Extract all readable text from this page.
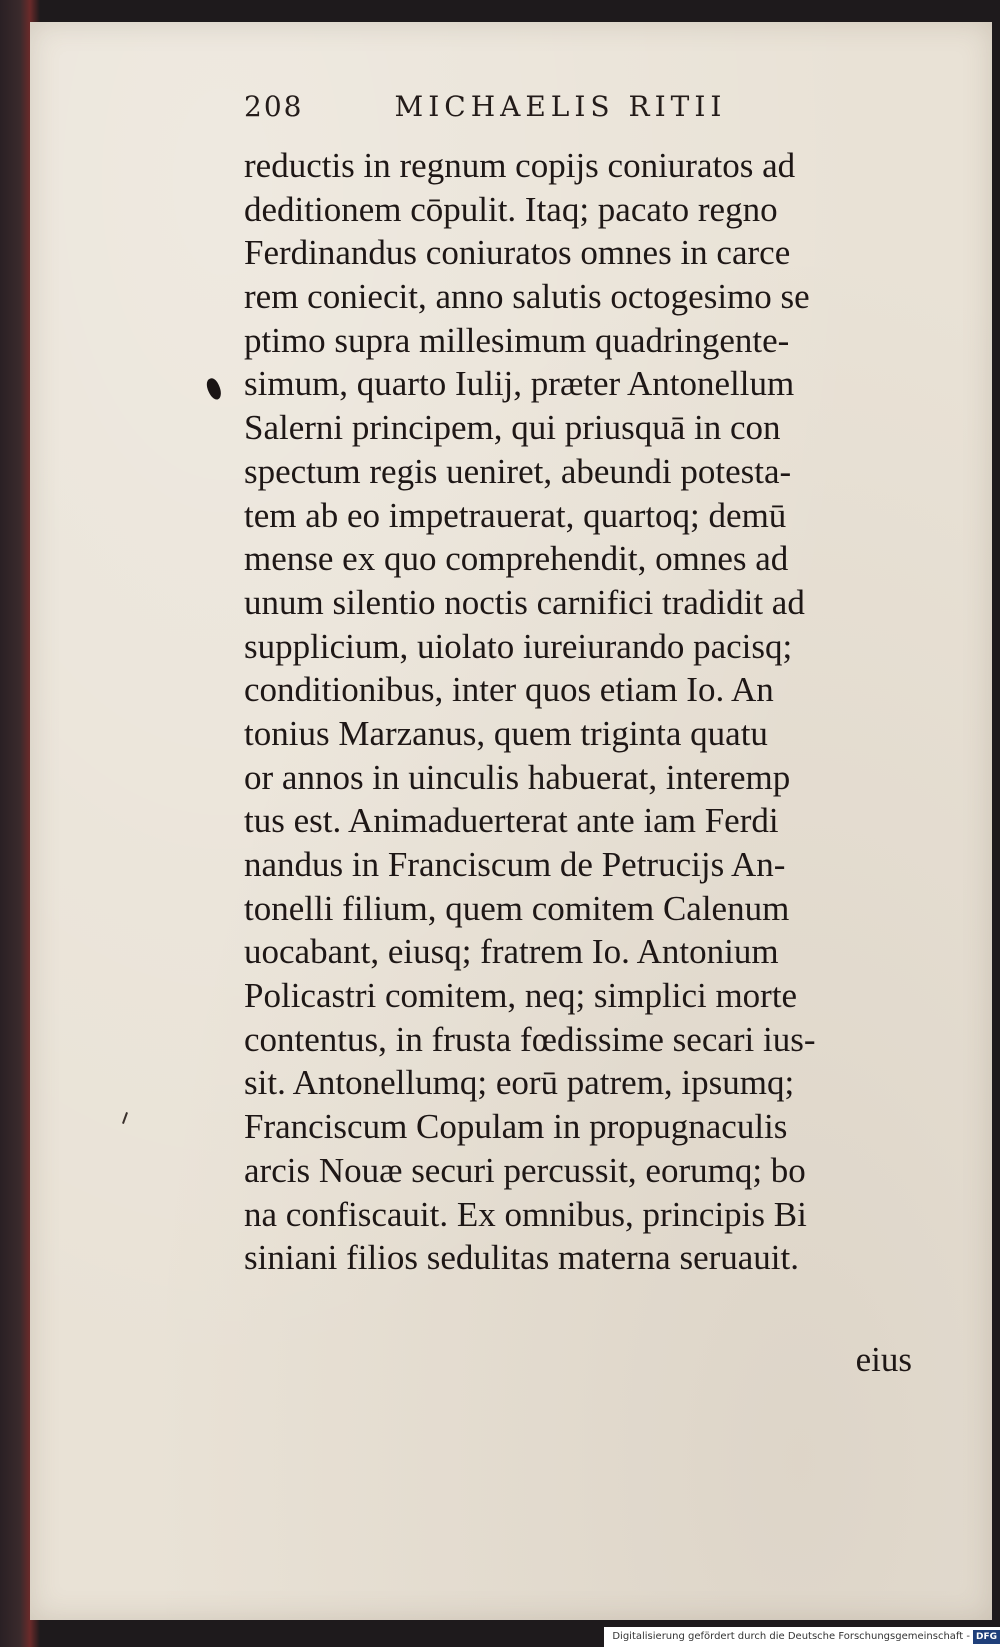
208	MICHAELIS RITII
reductis in regnum copijs coniuratos ad
deditionem cōpulit. Itaq; pacato regno
Ferdinandus coniuratos omnes in carce
rem coniecit, anno salutis octogesimo se
ptimo supra millesimum quadringente-
simum, quarto Iulij, præter Antonellum
Salerni principem, qui priusquā in con
spectum regis ueniret, abeundi potesta-
tem ab eo impetrauerat, quartoq; demū
mense ex quo comprehendit, omnes ad
unum silentio noctis carnifici tradidit ad
supplicium, uiolato iureiurando pacisq;
conditionibus, inter quos etiam Io. An
tonius Marzanus, quem triginta quatu
or annos in uinculis habuerat, interemp
tus est. Animaduerterat ante iam Ferdi
nandus in Franciscum de Petrucijs An-
tonelli filium, quem comitem Calenum
uocabant, eiusq; fratrem Io. Antonium
Policastri comitem, neq; simplici morte
contentus, in frusta fœdissime secari ius-
sit. Antonellumq; eorū patrem, ipsumq;
Franciscum Copulam in propugnaculis
arcis Nouæ securi percussit, eorumq; bo
na confiscauit. Ex omnibus, principis Bi
siniani filios sedulitas materna seruauit.
eius
Digitalisierung gefördert durch die Deutsche Forschungsgemeinschaft - DFG
